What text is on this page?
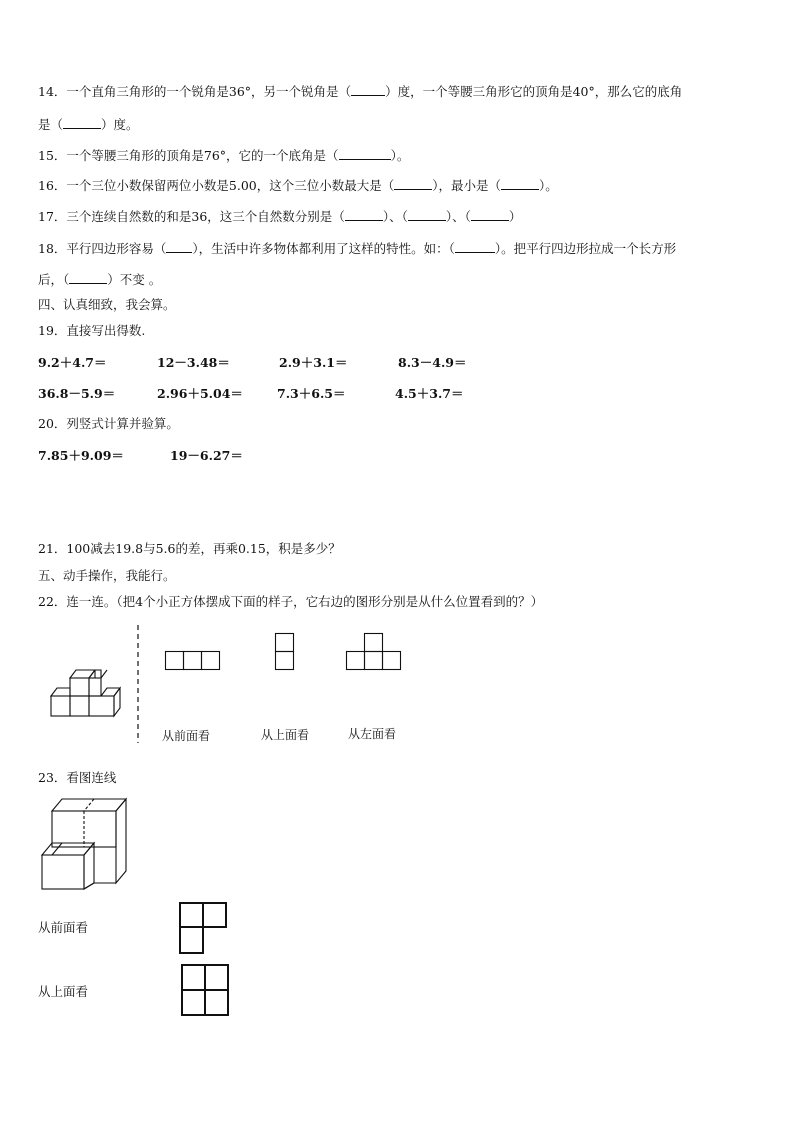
14．一个直角三角形的一个锐角是36°，另一个锐角是（	）度，一个等腰三角形它的顶角是40°，那么它的底角
是（	）度。
15．一个等腰三角形的顶角是76°，它的一个底角是（	）。
16．一个三位小数保留两位小数是5.00，这个三位小数最大是（	），最小是（	）。
17．三个连续自然数的和是36，这三个自然数分别是（	）、（	）、（	）
18．平行四边形容易（ ），生活中许多物体都利用了这样的特性。如：（	）。把平行四边形拉成一个长方形
后，（	）不变 。
四、认真细致，我会算。
19．直接写出得数.
9.2＋4.7＝	12－3.48＝	2.9＋3.1＝	8.3－4.9＝
36.8－5.9＝	2.96＋5.04＝	7.3＋6.5＝	4.5＋3.7＝
20．列竖式计算并验算。
7.85＋9.09＝	19－6.27＝
21．100减去19.8与5.6的差，再乘0.15，积是多少？
五、动手操作，我能行。
22．连一连。（把4个小正方体摆成下面的样子，它右边的图形分别是从什么位置看到的？）
从前面看	从上面看	从左面看
23．看图连线
从前面看
从上面看
